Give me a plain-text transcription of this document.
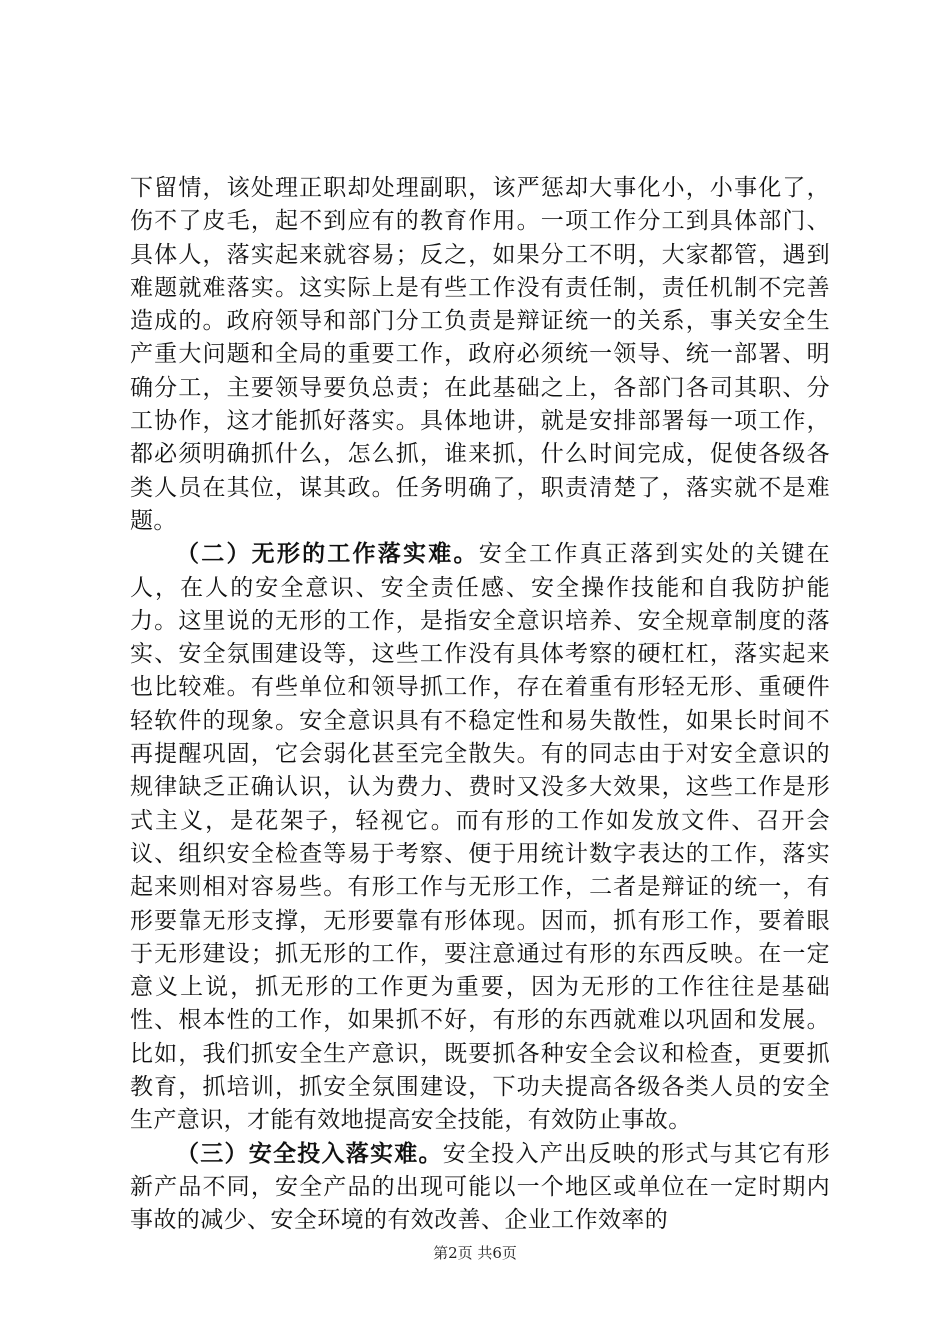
下留情，该处理正职却处理副职，该严惩却大事化小，小事化了，伤不了皮毛，起不到应有的教育作用。一项工作分工到具体部门、具体人，落实起来就容易；反之，如果分工不明，大家都管，遇到难题就难落实。这实际上是有些工作没有责任制，责任机制不完善造成的。政府领导和部门分工负责是辩证统一的关系，事关安全生产重大问题和全局的重要工作，政府必须统一领导、统一部署、明确分工，主要领导要负总责；在此基础之上，各部门各司其职、分工协作，这才能抓好落实。具体地讲，就是安排部署每一项工作，都必须明确抓什么，怎么抓，谁来抓，什么时间完成，促使各级各类人员在其位，谋其政。任务明确了，职责清楚了，落实就不是难题。

（二）无形的工作落实难。安全工作真正落到实处的关键在人，在人的安全意识、安全责任感、安全操作技能和自我防护能力。这里说的无形的工作，是指安全意识培养、安全规章制度的落实、安全氛围建设等，这些工作没有具体考察的硬杠杠，落实起来也比较难。有些单位和领导抓工作，存在着重有形轻无形、重硬件轻软件的现象。安全意识具有不稳定性和易失散性，如果长时间不再提醒巩固，它会弱化甚至完全散失。有的同志由于对安全意识的规律缺乏正确认识，认为费力、费时又没多大效果，这些工作是形式主义，是花架子，轻视它。而有形的工作如发放文件、召开会议、组织安全检查等易于考察、便于用统计数字表达的工作，落实起来则相对容易些。有形工作与无形工作，二者是辩证的统一，有形要靠无形支撑，无形要靠有形体现。因而，抓有形工作，要着眼于无形建设；抓无形的工作，要注意通过有形的东西反映。在一定意义上说，抓无形的工作更为重要，因为无形的工作往往是基础性、根本性的工作，如果抓不好，有形的东西就难以巩固和发展。比如，我们抓安全生产意识，既要抓各种安全会议和检查，更要抓教育，抓培训，抓安全氛围建设，下功夫提高各级各类人员的安全生产意识，才能有效地提高安全技能，有效防止事故。

（三）安全投入落实难。安全投入产出反映的形式与其它有形新产品不同，安全产品的出现可能以一个地区或单位在一定时期内事故的减少、安全环境的有效改善、企业工作效率的

第2页 共6页
